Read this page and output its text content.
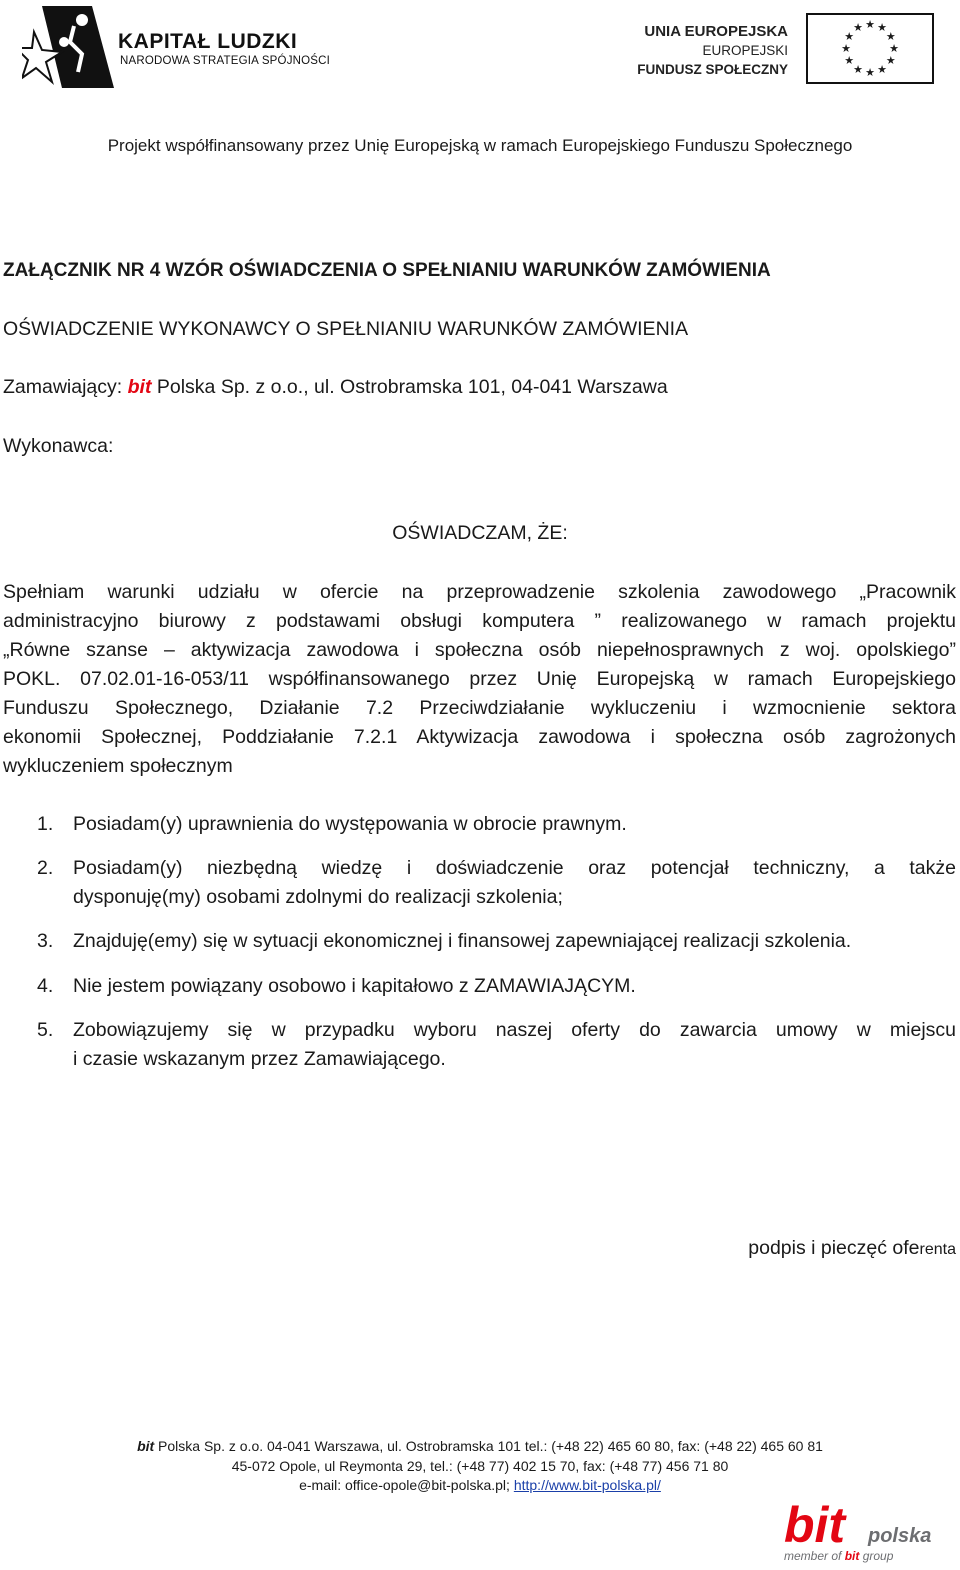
KAPITAŁ LUDZKI
NARODOWA STRATEGIA SPÓJNOŚCI
UNIA EUROPEJSKA
EUROPEJSKI
FUNDUSZ SPOŁECZNY
★ ★
★
★
★
★
★
★
★
★
★
★
Projekt współfinansowany przez Unię Europejską w ramach Europejskiego Funduszu Społecznego
ZAŁĄCZNIK NR 4 WZÓR OŚWIADCZENIA O SPEŁNIANIU WARUNKÓW ZAMÓWIENIA
OŚWIADCZENIE WYKONAWCY O SPEŁNIANIU WARUNKÓW ZAMÓWIENIA
Zamawiający: bit Polska Sp. z o.o., ul. Ostrobramska 101, 04-041 Warszawa
Wykonawca:
OŚWIADCZAM, ŻE:
Spełniam warunki udziału w ofercie na przeprowadzenie szkolenia zawodowego „Pracownik
administracyjno biurowy z podstawami obsługi komputera ” realizowanego w ramach projektu
„Równe szanse – aktywizacja zawodowa i społeczna osób niepełnosprawnych z woj. opolskiego”
POKL. 07.02.01-16-053/11 współfinansowanego przez Unię Europejską w ramach Europejskiego
Funduszu Społecznego, Działanie 7.2 Przeciwdziałanie wykluczeniu i wzmocnienie sektora
ekonomii Społecznej, Poddziałanie 7.2.1 Aktywizacja zawodowa i społeczna osób zagrożonych
wykluczeniem społecznym
1. Posiadam(y) uprawnienia do występowania w obrocie prawnym.
2. Posiadam(y) niezbędną wiedzę i doświadczenie oraz potencjał techniczny, a także
dysponuję(my) osobami zdolnymi do realizacji szkolenia;
3. Znajduję(emy) się w sytuacji ekonomicznej i finansowej zapewniającej realizacji szkolenia.
4. Nie jestem powiązany osobowo i kapitałowo z ZAMAWIAJĄCYM.
5. Zobowiązujemy się w przypadku wyboru naszej oferty do zawarcia umowy w miejscu
i czasie wskazanym przez Zamawiającego.
podpis i pieczęć oferenta
bit Polska Sp. z o.o. 04-041 Warszawa, ul. Ostrobramska 101 tel.: (+48 22) 465 60 80, fax: (+48 22) 465 60 81
45-072 Opole, ul Reymonta 29, tel.: (+48 77) 402 15 70, fax: (+48 77) 456 71 80
e-mail: office-opole@bit-polska.pl; http://www.bit-polska.pl/
bit polska
member of bit group
